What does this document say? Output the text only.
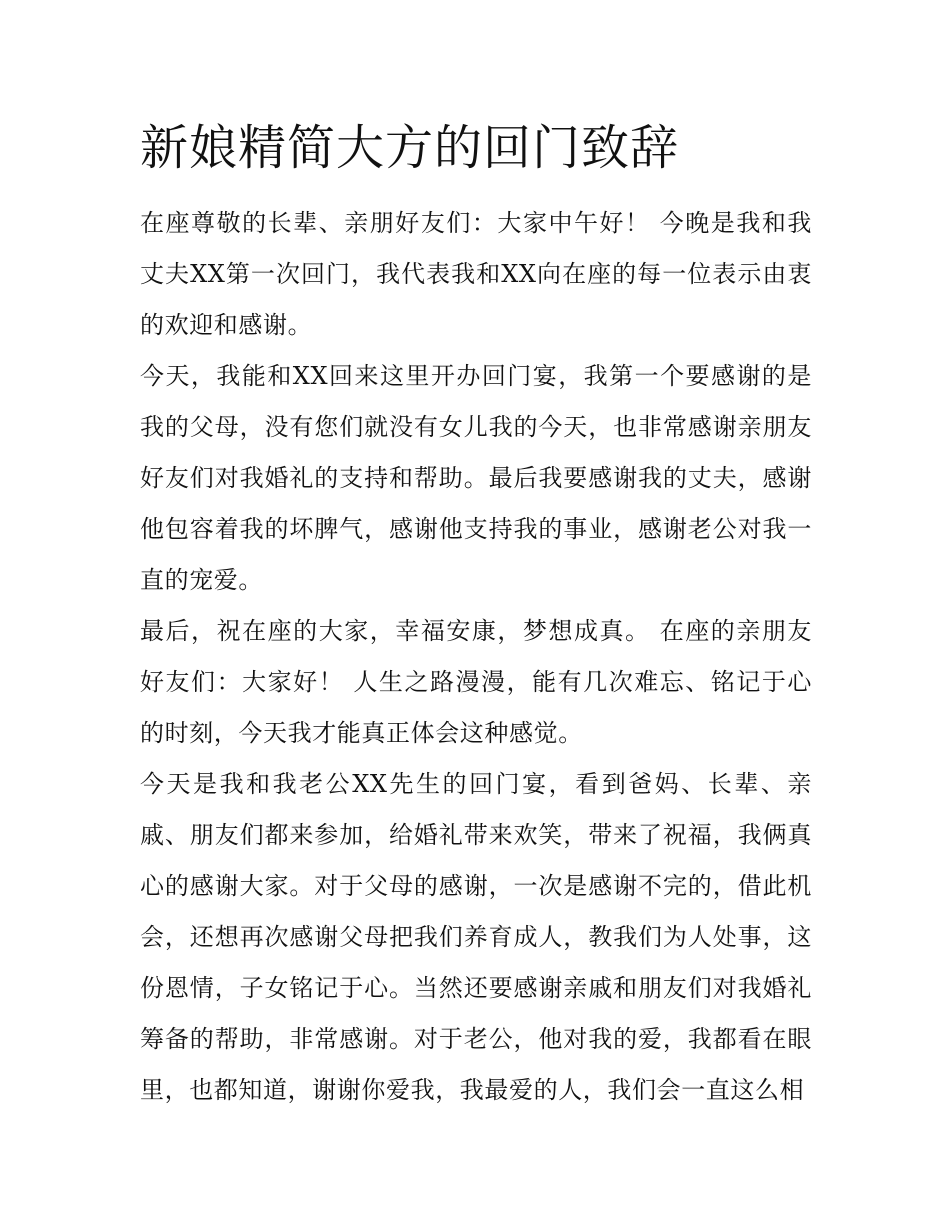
新娘精简大方的回门致辞

在座尊敬的长辈、亲朋好友们：大家中午好！ 今晚是我和我丈夫XX第一次回门，我代表我和XX向在座的每一位表示由衷的欢迎和感谢。

今天，我能和XX回来这里开办回门宴，我第一个要感谢的是我的父母，没有您们就没有女儿我的今天，也非常感谢亲朋友好友们对我婚礼的支持和帮助。最后我要感谢我的丈夫，感谢他包容着我的坏脾气，感谢他支持我的事业，感谢老公对我一直的宠爱。

最后，祝在座的大家，幸福安康，梦想成真。 在座的亲朋友好友们：大家好！ 人生之路漫漫，能有几次难忘、铭记于心的时刻，今天我才能真正体会这种感觉。

今天是我和我老公XX先生的回门宴，看到爸妈、长辈、亲戚、朋友们都来参加，给婚礼带来欢笑，带来了祝福，我俩真心的感谢大家。对于父母的感谢，一次是感谢不完的，借此机会，还想再次感谢父母把我们养育成人，教我们为人处事，这份恩情，子女铭记于心。当然还要感谢亲戚和朋友们对我婚礼筹备的帮助，非常感谢。对于老公，他对我的爱，我都看在眼里，也都知道，谢谢你爱我，我最爱的人，我们会一直这么相
